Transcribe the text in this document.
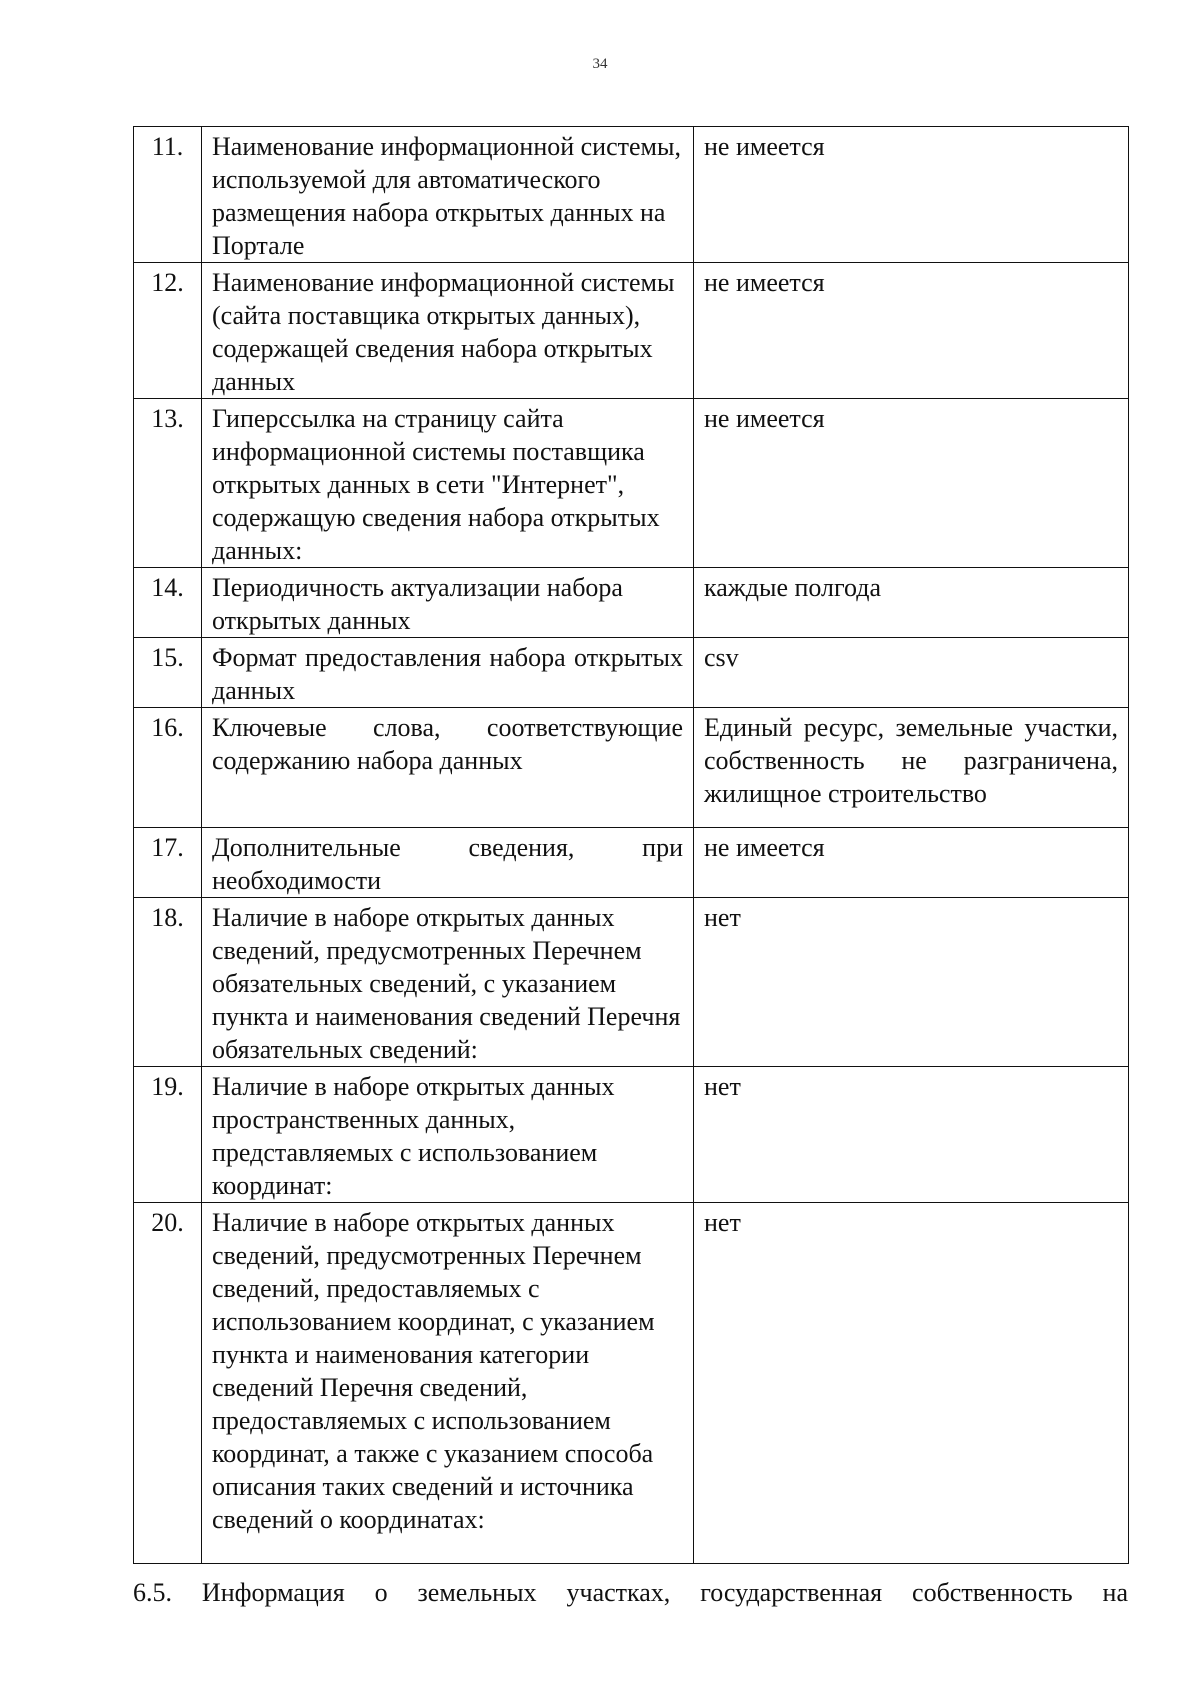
34
11.	Наименование информационной системы, используемой для автоматического размещения набора открытых данных на Портале	не имеется
12.	Наименование информационной системы (сайта поставщика открытых данных), содержащей сведения набора открытых данных	не имеется
13.	Гиперссылка на страницу сайта информационной системы поставщика открытых данных в сети "Интернет", содержащую сведения набора открытых данных:	не имеется
14.	Периодичность актуализации набора открытых данных	каждые полгода
15.	Формат предоставления набора открытых данных	csv
16.	Ключевые слова, соответствующие содержанию набора данных	Единый ресурс, земельные участки, собственность не разграничена, жилищное строительство
17.	Дополнительные сведения, при необходимости	не имеется
18.	Наличие в наборе открытых данных сведений, предусмотренных Перечнем обязательных сведений, с указанием пункта и наименования сведений Перечня обязательных сведений:	нет
19.	Наличие в наборе открытых данных пространственных данных, представляемых с использованием координат:	нет
20.	Наличие в наборе открытых данных сведений, предусмотренных Перечнем сведений, предоставляемых с использованием координат, с указанием пункта и наименования категории сведений Перечня сведений, предоставляемых с использованием координат, а также с указанием способа описания таких сведений и источника сведений о координатах:	нет
6.5. Информация о земельных участках, государственная собственность на
